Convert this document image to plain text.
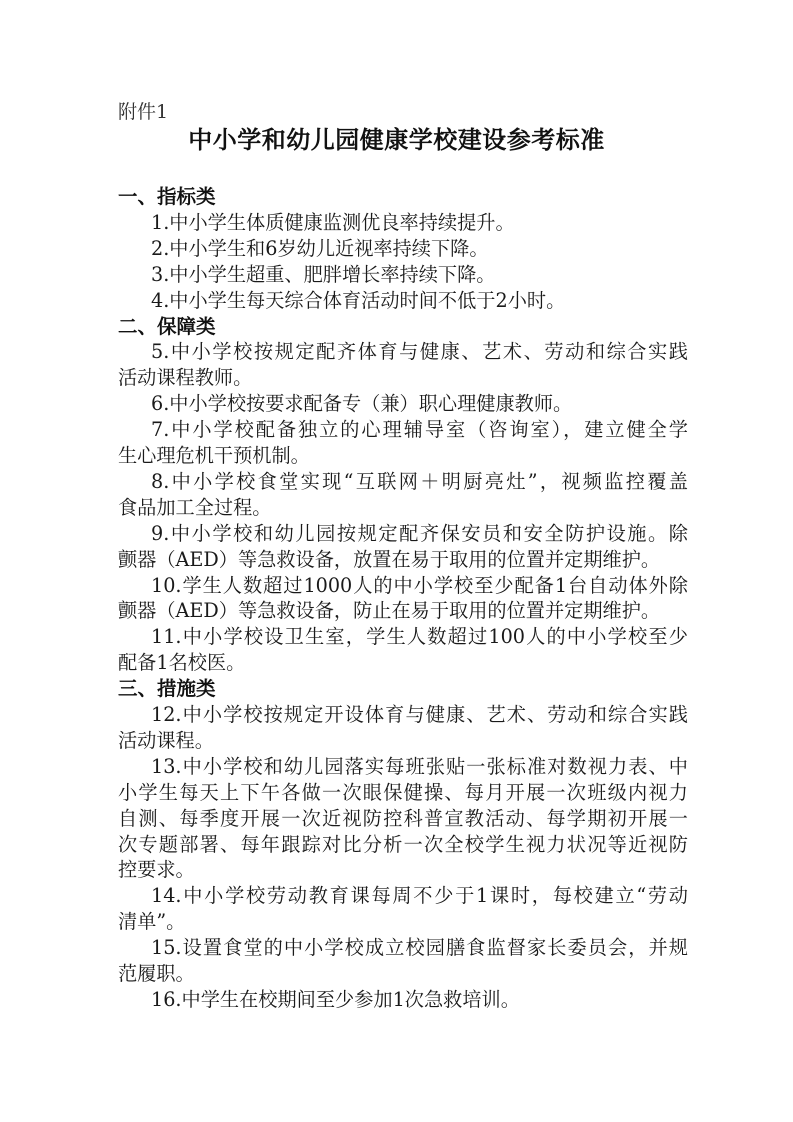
附件1
中小学和幼儿园健康学校建设参考标准
一、指标类
1.中小学生体质健康监测优良率持续提升。
2.中小学生和6岁幼儿近视率持续下降。
3.中小学生超重、肥胖增长率持续下降。
4.中小学生每天综合体育活动时间不低于2小时。
二、保障类
5.中小学校按规定配齐体育与健康、艺术、劳动和综合实践
活动课程教师。
6.中小学校按要求配备专（兼）职心理健康教师。
7.中小学校配备独立的心理辅导室（咨询室），建立健全学
生心理危机干预机制。
8.中小学校食堂实现“互联网＋明厨亮灶”，视频监控覆盖
食品加工全过程。
9.中小学校和幼儿园按规定配齐保安员和安全防护设施。除
颤器（AED）等急救设备，放置在易于取用的位置并定期维护。
10.学生人数超过1000人的中小学校至少配备1台自动体外除
颤器（AED）等急救设备，防止在易于取用的位置并定期维护。
11.中小学校设卫生室，学生人数超过100人的中小学校至少
配备1名校医。
三、措施类
12.中小学校按规定开设体育与健康、艺术、劳动和综合实践
活动课程。
13.中小学校和幼儿园落实每班张贴一张标准对数视力表、中
小学生每天上下午各做一次眼保健操、每月开展一次班级内视力
自测、每季度开展一次近视防控科普宣教活动、每学期初开展一
次专题部署、每年跟踪对比分析一次全校学生视力状况等近视防
控要求。
14.中小学校劳动教育课每周不少于1课时，每校建立“劳动
清单”。
15.设置食堂的中小学校成立校园膳食监督家长委员会，并规
范履职。
16.中学生在校期间至少参加1次急救培训。
